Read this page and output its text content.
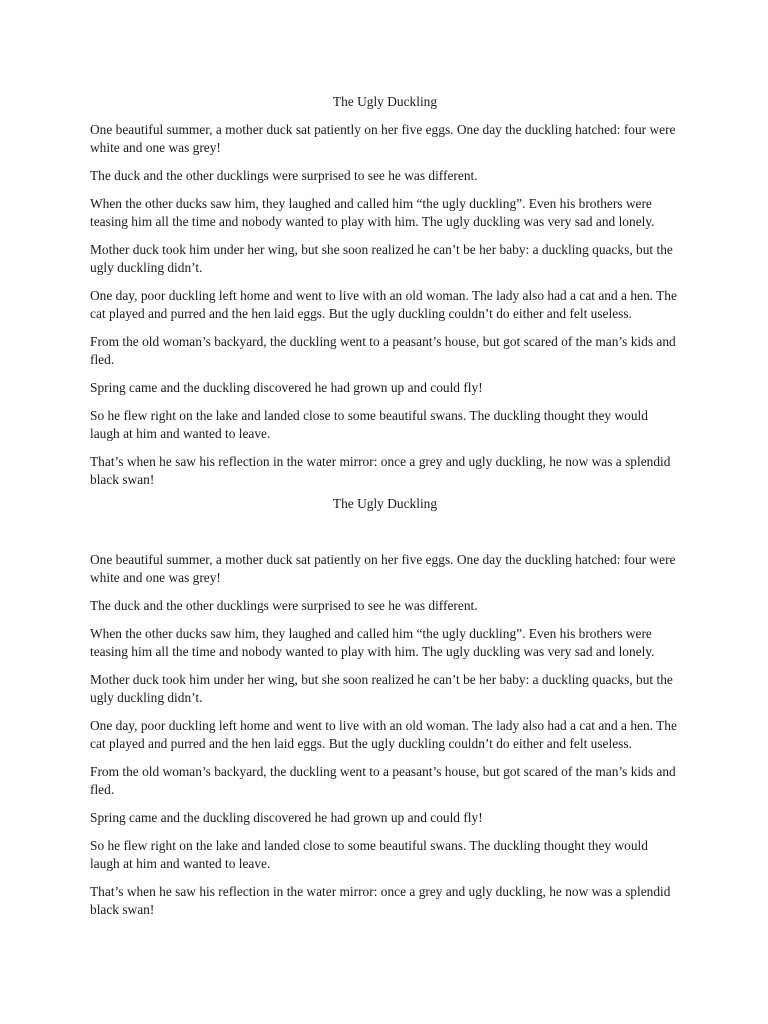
The Ugly Duckling

One beautiful summer, a mother duck sat patiently on her five eggs. One day the duckling hatched: four were white and one was grey!

The duck and the other ducklings were surprised to see he was different.

When the other ducks saw him, they laughed and called him “the ugly duckling”. Even his brothers were teasing him all the time and nobody wanted to play with him. The ugly duckling was very sad and lonely.

Mother duck took him under her wing, but she soon realized he can’t be her baby: a duckling quacks, but the ugly duckling didn’t.

One day, poor duckling left home and went to live with an old woman. The lady also had a cat and a hen. The cat played and purred and the hen laid eggs. But the ugly duckling couldn’t do either and felt useless.

From the old woman’s backyard, the duckling went to a peasant’s house, but got scared of the man’s kids and fled.

Spring came and the duckling discovered he had grown up and could fly!

So he flew right on the lake and landed close to some beautiful swans. The duckling thought they would laugh at him and wanted to leave.

That’s when he saw his reflection in the water mirror: once a grey and ugly duckling, he now was a splendid black swan!

The Ugly Duckling

One beautiful summer, a mother duck sat patiently on her five eggs. One day the duckling hatched: four were white and one was grey!

The duck and the other ducklings were surprised to see he was different.

When the other ducks saw him, they laughed and called him “the ugly duckling”. Even his brothers were teasing him all the time and nobody wanted to play with him. The ugly duckling was very sad and lonely.

Mother duck took him under her wing, but she soon realized he can’t be her baby: a duckling quacks, but the ugly duckling didn’t.

One day, poor duckling left home and went to live with an old woman. The lady also had a cat and a hen. The cat played and purred and the hen laid eggs. But the ugly duckling couldn’t do either and felt useless.

From the old woman’s backyard, the duckling went to a peasant’s house, but got scared of the man’s kids and fled.

Spring came and the duckling discovered he had grown up and could fly!

So he flew right on the lake and landed close to some beautiful swans. The duckling thought they would laugh at him and wanted to leave.

That’s when he saw his reflection in the water mirror: once a grey and ugly duckling, he now was a splendid black swan!
